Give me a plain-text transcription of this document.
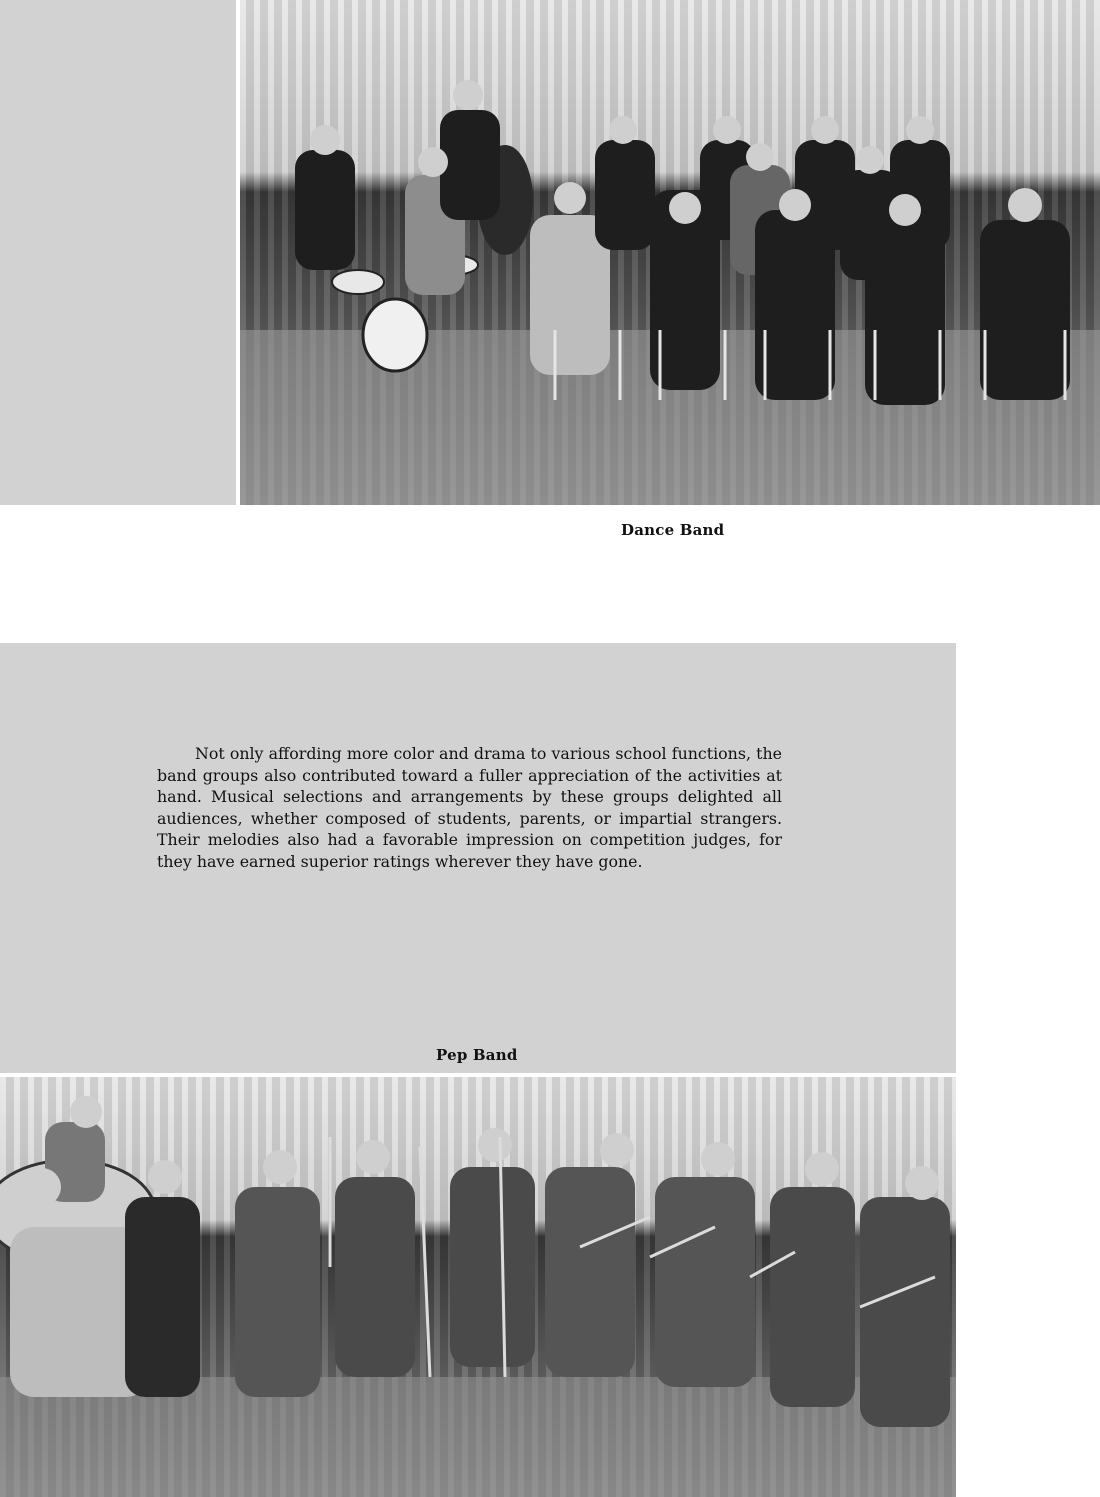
Dance Band

Not only affording more color and drama to various school functions, the band groups also contributed toward a fuller appreciation of the activities at hand. Musical selections and arrangements by these groups delighted all audiences, whether composed of students, parents, or impartial strangers. Their melodies also had a favorable impression on competition judges, for they have earned superior ratings wherever they have gone.

Pep Band
